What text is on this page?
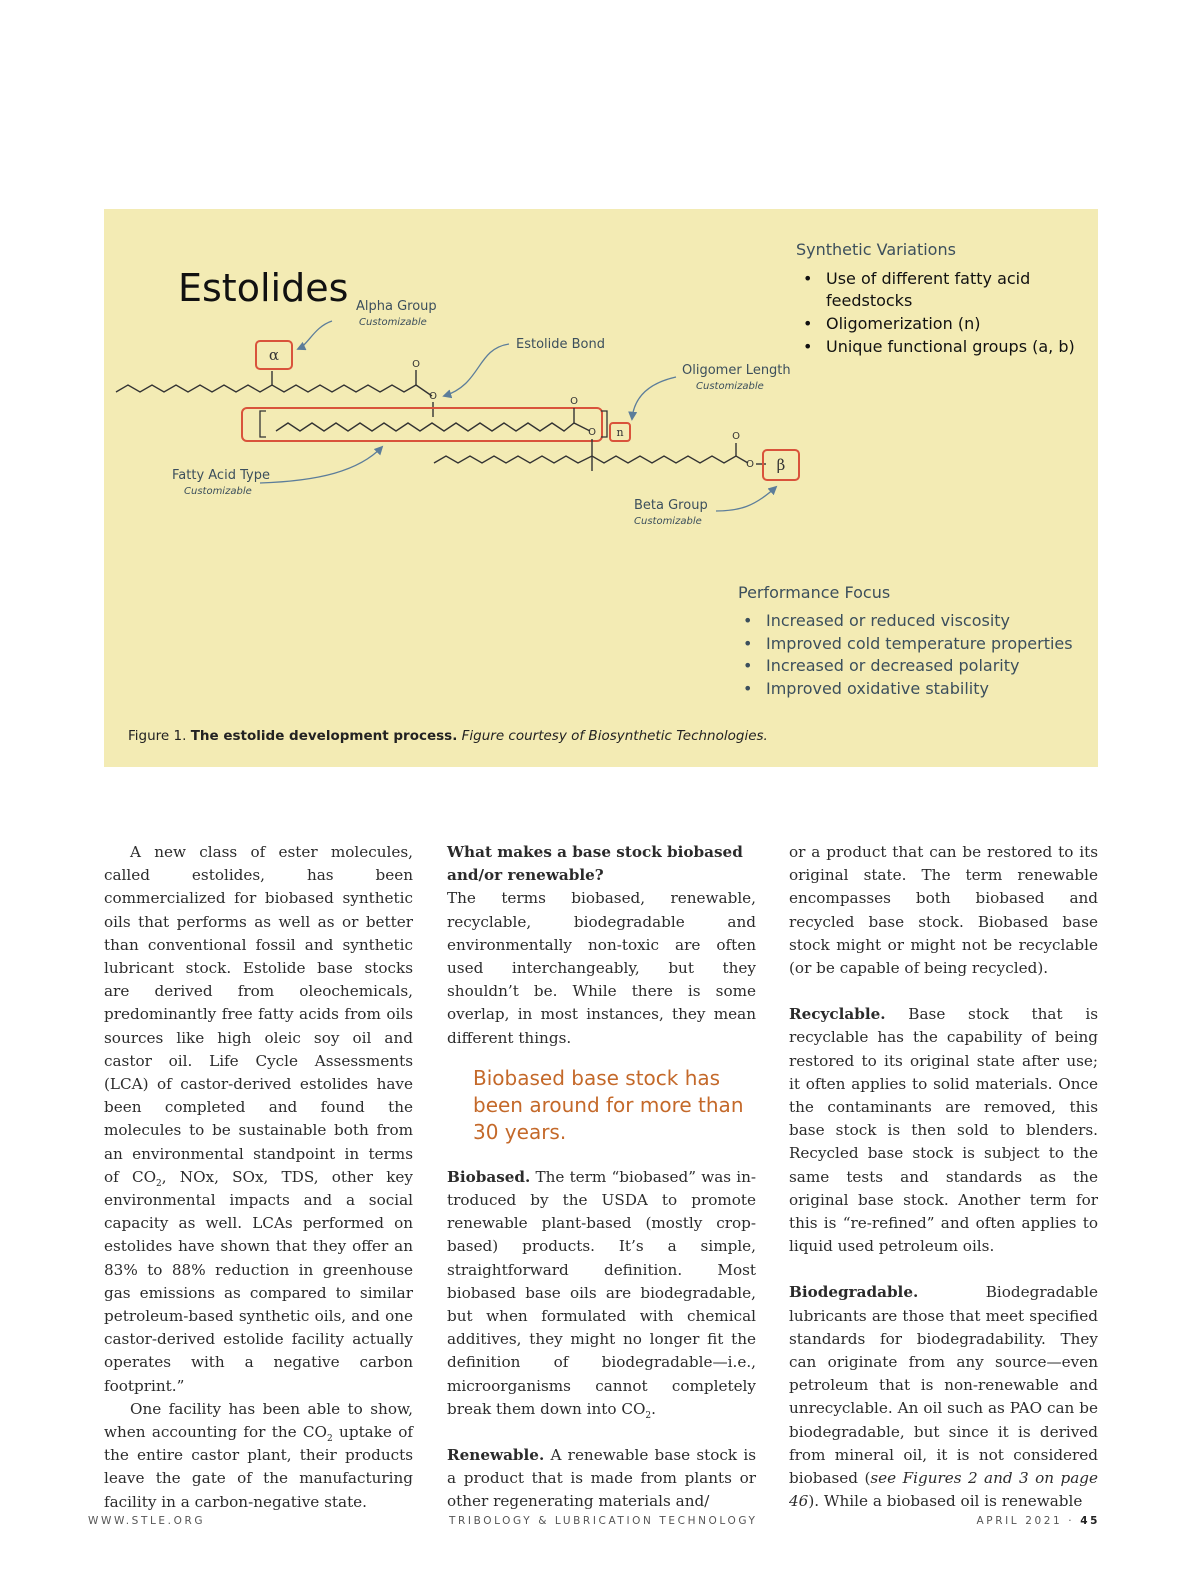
Estolides
α
O
O	O
O n	O
O β
Alpha Group
Customizable
Estolide Bond
Oligomer Length
Customizable
Fatty Acid Type
Customizable
Beta Group
Customizable
Synthetic Variations
• Use of different fatty acid
feedstocks
• Oligomerization (n)
• Unique functional groups (a, b)
Performance Focus
• Increased or reduced viscosity
• Improved cold temperature properties
• Increased or decreased polarity
• Improved oxidative stability
Figure 1. The estolide development process. Figure courtesy of Biosynthetic Technologies.

A new class of ester molecules, called estolides, has been commercialized for biobased synthetic oils that performs as well as or better than conventional fossil and synthetic lubricant stock. Estolide base stocks are derived from oleochemicals, predominantly free fatty acids from oils sources like high oleic soy oil and castor oil. Life Cycle Assessments (LCA) of castor-derived estolides have been completed and found the molecules to be sustainable both from an environmental standpoint in terms of $CO_2$, NOx, SOx, TDS, other key environmental impacts and a social capacity as well. LCAs performed on estolides have shown that they offer an 83% to 88% reduction in greenhouse gas emissions as compared to similar petroleum-based synthetic oils, and one castor-derived estolide facility actually operates with a negative carbon footprint.”

One facility has been able to show, when accounting for the $CO_2$ uptake of the entire castor plant, their products leave the gate of the manufacturing facility in a carbon-negative state.

What makes a base stock biobased and/or renewable?

The terms biobased, renewable, recyclable, biodegradable and environmentally non-toxic are often used interchangeably, but they shouldn’t be. While there is some overlap, in most instances, they mean different things.

Biobased base stock has been around for more than 30 years.

Biobased. The term “biobased” was introduced by the USDA to promote renewable plant-based (mostly crop-based) products. It’s a simple, straightforward definition. Most biobased base oils are biodegradable, but when formulated with chemical additives, they might no longer fit the definition of biodegradable—i.e., microorganisms cannot completely break them down into $CO_2$.

Renewable. A renewable base stock is a product that is made from plants or other regenerating materials and/

or a product that can be restored to its original state. The term renewable encompasses both biobased and recycled base stock. Biobased base stock might or might not be recyclable (or be capable of being recycled).

Recyclable. Base stock that is recyclable has the capability of being restored to its original state after use; it often applies to solid materials. Once the contaminants are removed, this base stock is then sold to blenders. Recycled base stock is subject to the same tests and standards as the original base stock. Another term for this is “re-refined” and often applies to liquid used petroleum oils.

Biodegradable. Biodegradable lubricants are those that meet specified standards for biodegradability. They can originate from any source—even petroleum that is non-renewable and unrecyclable. An oil such as PAO can be biodegradable, but since it is derived from mineral oil, it is not considered biobased (see Figures 2 and 3 on page 46). While a biobased oil is renewable

WWW.STLE.ORG	TRIBOLOGY & LUBRICATION TECHNOLOGY	APRIL 2021 · 45
